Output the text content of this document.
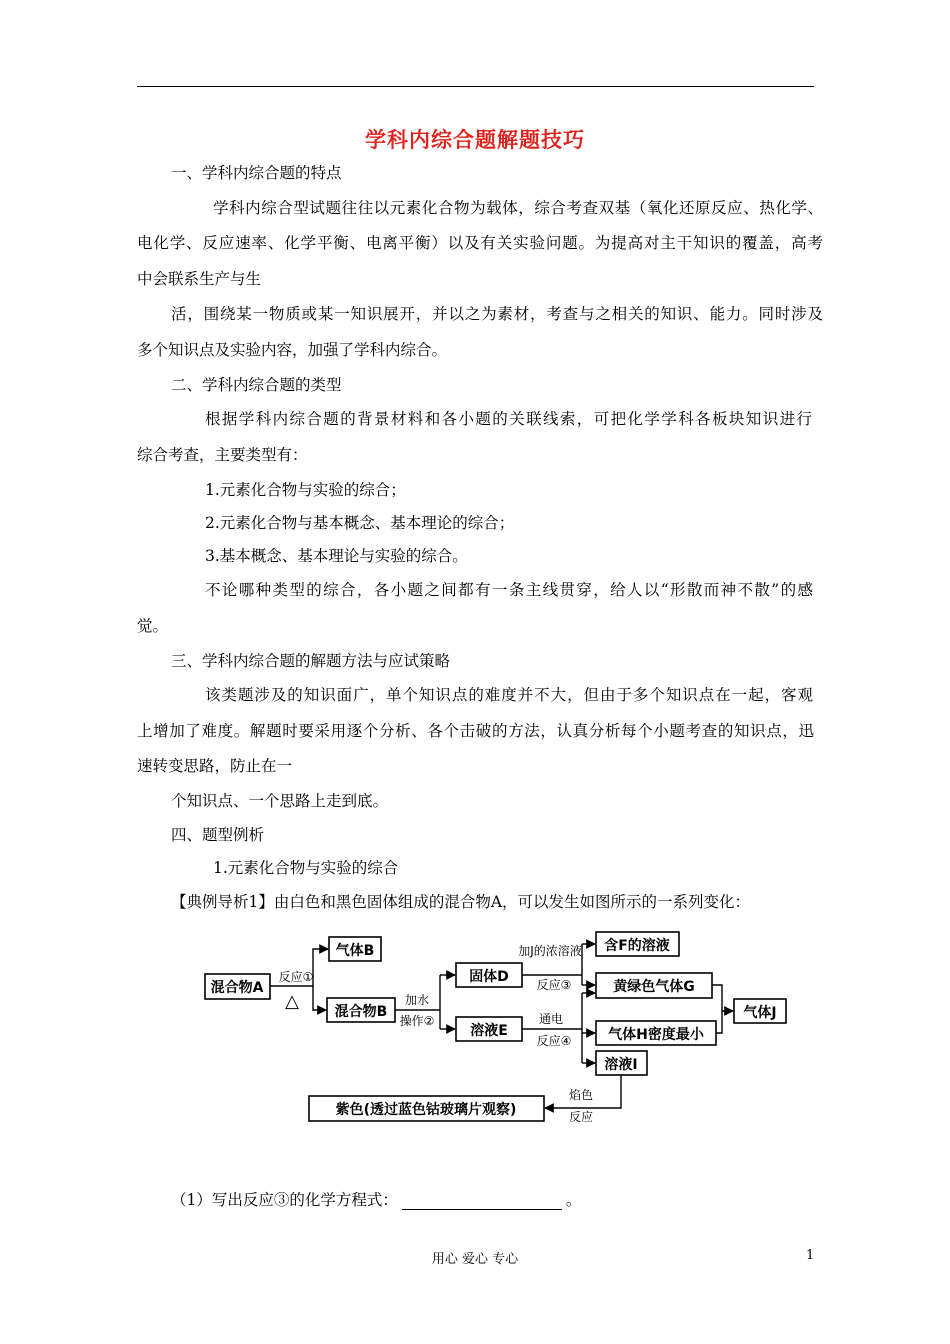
学科内综合题解题技巧
一、学科内综合题的特点
学科内综合型试题往往以元素化合物为载体，综合考查双基（氧化还原反应、热化学、
电化学、反应速率、化学平衡、电离平衡）以及有关实验问题。为提高对主干知识的覆盖，高考
中会联系生产与生
活，围绕某一物质或某一知识展开，并以之为素材，考查与之相关的知识、能力。同时涉及
多个知识点及实验内容，加强了学科内综合。
二、学科内综合题的类型
根据学科内综合题的背景材料和各小题的关联线索，可把化学学科各板块知识进行
综合考查，主要类型有：
1.元素化合物与实验的综合；
2.元素化合物与基本概念、基本理论的综合；
3.基本概念、基本理论与实验的综合。
不论哪种类型的综合，各小题之间都有一条主线贯穿，给人以“形散而神不散”的感
觉。
三、学科内综合题的解题方法与应试策略
该类题涉及的知识面广，单个知识点的难度并不大，但由于多个知识点在一起，客观
上增加了难度。解题时要采用逐个分析、各个击破的方法，认真分析每个小题考查的知识点，迅
速转变思路，防止在一
个知识点、一个思路上走到底。
四、题型例析
1.元素化合物与实验的综合
【典例导析1】由白色和黑色固体组成的混合物A，可以发生如图所示的一系列变化：
混合物A
气体B
混合物B
固体D
溶液E
含F的溶液
黄绿色气体G
气体H密度最小
溶液I
气体J
紫色(透过蓝色钴玻璃片观察)
反应①
△	加水
操作②
加J的浓溶液
反应③
通电
反应④
焰色
反应
（1）写出反应③的化学方程式：	。
用心 爱心 专心	1
